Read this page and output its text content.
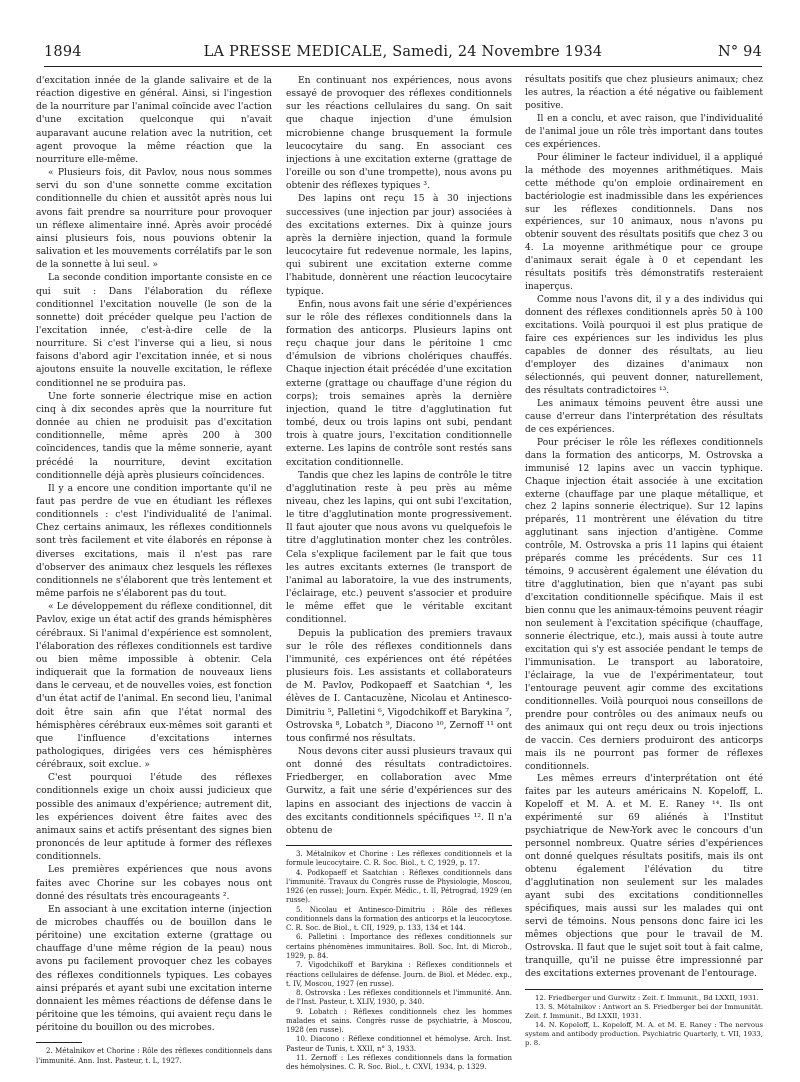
1894	LA PRESSE MEDICALE, Samedi, 24 Novembre 1934	N° 94

d'excitation innée de la glande salivaire et de la réaction digestive en général. Ainsi, si l'ingestion de la nourriture par l'animal coïncide avec l'action d'une excitation quelconque qui n'avait auparavant aucune relation avec la nutrition, cet agent provoque la même réaction que la nourriture elle-même.

« Plusieurs fois, dit Pavlov, nous nous sommes servi du son d'une sonnette comme excitation conditionnelle du chien et aussitôt après nous lui avons fait prendre sa nourriture pour provoquer un réflexe alimentaire inné. Après avoir procédé ainsi plusieurs fois, nous pouvions obtenir la salivation et les mouvements corrélatifs par le son de la sonnette à lui seul. »

La seconde condition importante consiste en ce qui suit : Dans l'élaboration du réflexe conditionnel l'excitation nouvelle (le son de la sonnette) doit précéder quelque peu l'action de l'excitation innée, c'est-à-dire celle de la nourriture. Si c'est l'inverse qui a lieu, si nous faisons d'abord agir l'excitation innée, et si nous ajoutons ensuite la nouvelle excitation, le réflexe conditionnel ne se produira pas.

Une forte sonnerie électrique mise en action cinq à dix secondes après que la nourriture fut donnée au chien ne produisit pas d'excitation conditionnelle, même après 200 à 300 coïncidences, tandis que la même sonnerie, ayant précédé la nourriture, devint excitation conditionnelle déjà après plusieurs coïncidences.

Il y a encore une condition importante qu'il ne faut pas perdre de vue en étudiant les réflexes conditionnels : c'est l'individualité de l'animal. Chez certains animaux, les réflexes conditionnels sont très facilement et vite élaborés en réponse à diverses excitations, mais il n'est pas rare d'observer des animaux chez lesquels les réflexes conditionnels ne s'élaborent que très lentement et même parfois ne s'élaborent pas du tout.

« Le développement du réflexe conditionnel, dit Pavlov, exige un état actif des grands hémisphères cérébraux. Si l'animal d'expérience est somnolent, l'élaboration des réflexes conditionnels est tardive ou bien même impossible à obtenir. Cela indiquerait que la formation de nouveaux liens dans le cerveau, et de nouvelles voies, est fonction d'un état actif de l'animal. En second lieu, l'animal doit être sain afin que l'état normal des hémisphères cérébraux eux-mêmes soit garanti et que l'influence d'excitations internes pathologiques, dirigées vers ces hémisphères cérébraux, soit exclue. »

C'est pourquoi l'étude des réflexes conditionnels exige un choix aussi judicieux que possible des animaux d'expérience; autrement dit, les expériences doivent être faites avec des animaux sains et actifs présentant des signes bien prononcés de leur aptitude à former des réflexes conditionnels.

Les premières expériences que nous avons faites avec Chorine sur les cobayes nous ont donné des résultats très encourageants ².

En associant à une excitation interne (injection de microbes chauffés ou de bouillon dans le péritoine) une excitation externe (grattage ou chauffage d'une même région de la peau) nous avons pu facilement provoquer chez les cobayes des réflexes conditionnels typiques. Les cobayes ainsi préparés et ayant subi une excitation interne donnaient les mêmes réactions de défense dans le péritoine que les témoins, qui avaient reçu dans le péritoine du bouillon ou des microbes.

2. Métalnikov et Chorine : Rôle des réflexes conditionnels dans l'immunité. Ann. Inst. Pasteur, t. L, 1927.

En continuant nos expériences, nous avons essayé de provoquer des réflexes conditionnels sur les réactions cellulaires du sang. On sait que chaque injection d'une émulsion microbienne change brusquement la formule leucocytaire du sang. En associant ces injections à une excitation externe (grattage de l'oreille ou son d'une trompette), nous avons pu obtenir des réflexes typiques ³.

Des lapins ont reçu 15 à 30 injections successives (une injection par jour) associées à des excitations externes. Dix à quinze jours après la dernière injection, quand la formule leucocytaire fut redevenue normale, les lapins, qui subirent une excitation externe comme l'habitude, donnèrent une réaction leucocytaire typique.

Enfin, nous avons fait une série d'expériences sur le rôle des réflexes conditionnels dans la formation des anticorps. Plusieurs lapins ont reçu chaque jour dans le péritoine 1 cmc d'émulsion de vibrions cholériques chauffés. Chaque injection était précédée d'une excitation externe (grattage ou chauffage d'une région du corps); trois semaines après la dernière injection, quand le titre d'agglutination fut tombé, deux ou trois lapins ont subi, pendant trois à quatre jours, l'excitation conditionnelle externe. Les lapins de contrôle sont restés sans excitation conditionnelle.

Tandis que chez les lapins de contrôle le titre d'agglutination reste à peu près au même niveau, chez les lapins, qui ont subi l'excitation, le titre d'agglutination monte progressivement. Il faut ajouter que nous avons vu quelquefois le titre d'agglutination monter chez les contrôles. Cela s'explique facilement par le fait que tous les autres excitants externes (le transport de l'animal au laboratoire, la vue des instruments, l'éclairage, etc.) peuvent s'associer et produire le même effet que le véritable excitant conditionnel.

Depuis la publication des premiers travaux sur le rôle des réflexes conditionnels dans l'immunité, ces expériences ont été répétées plusieurs fois. Les assistants et collaborateurs de M. Pavlov, Podkopaeff et Saatchian ⁴, les élèves de I. Cantacuzène, Nicolau et Antinesco-Dimitriu ⁵, Palletini ⁶, Vigodchikoff et Barykina ⁷, Ostrovska ⁸, Lobatch ⁹, Diacono ¹⁰, Zernoff ¹¹ ont tous confirmé nos résultats.

Nous devons citer aussi plusieurs travaux qui ont donné des résultats contradictoires. Friedberger, en collaboration avec Mme Gurwitz, a fait une série d'expériences sur des lapins en associant des injections de vaccin à des excitants conditionnels spécifiques ¹². Il n'a obtenu de

3. Métalnikov et Chorine : Les réflexes conditionnels et la formule leucocytaire. C. R. Soc. Biol., t. C, 1929, p. 17.

4. Podkopaeff et Saatchian : Réflexes conditionnels dans l'immunité. Travaux du Congrès russe de Physiologie, Moscou, 1926 (en russe); Journ. Expér. Médic., t. II, Pétrograd, 1929 (en russe).

5. Nicolau et Antinesco-Dimitriu : Rôle des réflexes conditionnels dans la formation des anticorps et la leucocytose. C. R. Soc. de Biol., t. CII, 1929, p. 133, 134 et 144.

6. Palletini : Importance des réflexes conditionnels sur certains phénomènes immunitaires. Boll. Soc. Int. di Microb., 1929, p. 84.

7. Vigodchikoff et Barykina : Réflexes conditionnels et réactions cellulaires de défense. Journ. de Biol. et Médec. exp., t. IV, Moscou, 1927 (en russe).

8. Ostrovska : Les réflexes conditionnels et l'immunité. Ann. de l'Inst. Pasteur, t. XLIV, 1930, p. 340.

9. Lobatch : Réflexes conditionnels chez les hommes malades et sains. Congrès russe de psychiatrie, à Moscou, 1928 (en russe).

10. Diacono : Réflexe conditionnel et hémolyse. Arch. Inst. Pasteur de Tunis, t. XXII, n° 3, 1933.

11. Zernoff : Les réflexes conditionnels dans la formation des hémolysines. C. R. Soc. Biol., t. CXVI, 1934, p. 1329.

résultats positifs que chez plusieurs animaux; chez les autres, la réaction a été négative ou faiblement positive.

Il en a conclu, et avec raison, que l'individualité de l'animal joue un rôle très important dans toutes ces expériences.

Pour éliminer le facteur individuel, il a appliqué la méthode des moyennes arithmétiques. Mais cette méthode qu'on emploie ordinairement en bactériologie est inadmissible dans les expériences sur les réflexes conditionnels. Dans nos expériences, sur 10 animaux, nous n'avons pu obtenir souvent des résultats positifs que chez 3 ou 4. La moyenne arithmétique pour ce groupe d'animaux serait égale à 0 et cependant les résultats positifs très démonstratifs resteraient inaperçus.

Comme nous l'avons dit, il y a des individus qui donnent des réflexes conditionnels après 50 à 100 excitations. Voilà pourquoi il est plus pratique de faire ces expériences sur les individus les plus capables de donner des résultats, au lieu d'employer des dizaines d'animaux non sélectionnés, qui peuvent donner, naturellement, des résultats contradictoires ¹³.

Les animaux témoins peuvent être aussi une cause d'erreur dans l'interprétation des résultats de ces expériences.

Pour préciser le rôle les réflexes conditionnels dans la formation des anticorps, M. Ostrovska a immunisé 12 lapins avec un vaccin typhique. Chaque injection était associée à une excitation externe (chauffage par une plaque métallique, et chez 2 lapins sonnerie électrique). Sur 12 lapins préparés, 11 montrèrent une élévation du titre agglutinant sans injection d'antigène. Comme contrôle, M. Ostrovska a pris 11 lapins qui étaient préparés comme les précédents. Sur ces 11 témoins, 9 accusèrent également une élévation du titre d'agglutination, bien que n'ayant pas subi d'excitation conditionnelle spécifique. Mais il est bien connu que les animaux-témoins peuvent réagir non seulement à l'excitation spécifique (chauffage, sonnerie électrique, etc.), mais aussi à toute autre excitation qui s'y est associée pendant le temps de l'immunisation. Le transport au laboratoire, l'éclairage, la vue de l'expérimentateur, tout l'entourage peuvent agir comme des excitations conditionnelles. Voilà pourquoi nous conseillons de prendre pour contrôles ou des animaux neufs ou des animaux qui ont reçu deux ou trois injections de vaccin. Ces derniers produiront des anticorps mais ils ne pourront pas former de réflexes conditionnels.

Les mêmes erreurs d'interprétation ont été faites par les auteurs américains N. Kopeloff, L. Kopeloff et M. A. et M. E. Raney ¹⁴. Ils ont expérimenté sur 69 aliénés à l'Institut psychiatrique de New-York avec le concours d'un personnel nombreux. Quatre séries d'expériences ont donné quelques résultats positifs, mais ils ont obtenu également l'élévation du titre d'agglutination non seulement sur les malades ayant subi des excitations conditionnelles spécifiques, mais aussi sur les malades qui ont servi de témoins. Nous pensons donc faire ici les mêmes objections que pour le travail de M. Ostrovska. Il faut que le sujet soit tout à fait calme, tranquille, qu'il ne puisse être impressionné par des excitations externes provenant de l'entourage.

12. Friedberger und Gurwitz : Zeit. f. Immunit., Bd LXXII, 1931.

13. S. Métalnikov : Antwort an S. Friedberger bei der Immunität. Zeit. f. Immunit., Bd LXXII, 1931.

14. N. Kopeloff, L. Kopeloff, M. A. et M. E. Raney : The nervous system and antibody production. Psychiatric Quarterly, t. VII, 1933, p. 8.
